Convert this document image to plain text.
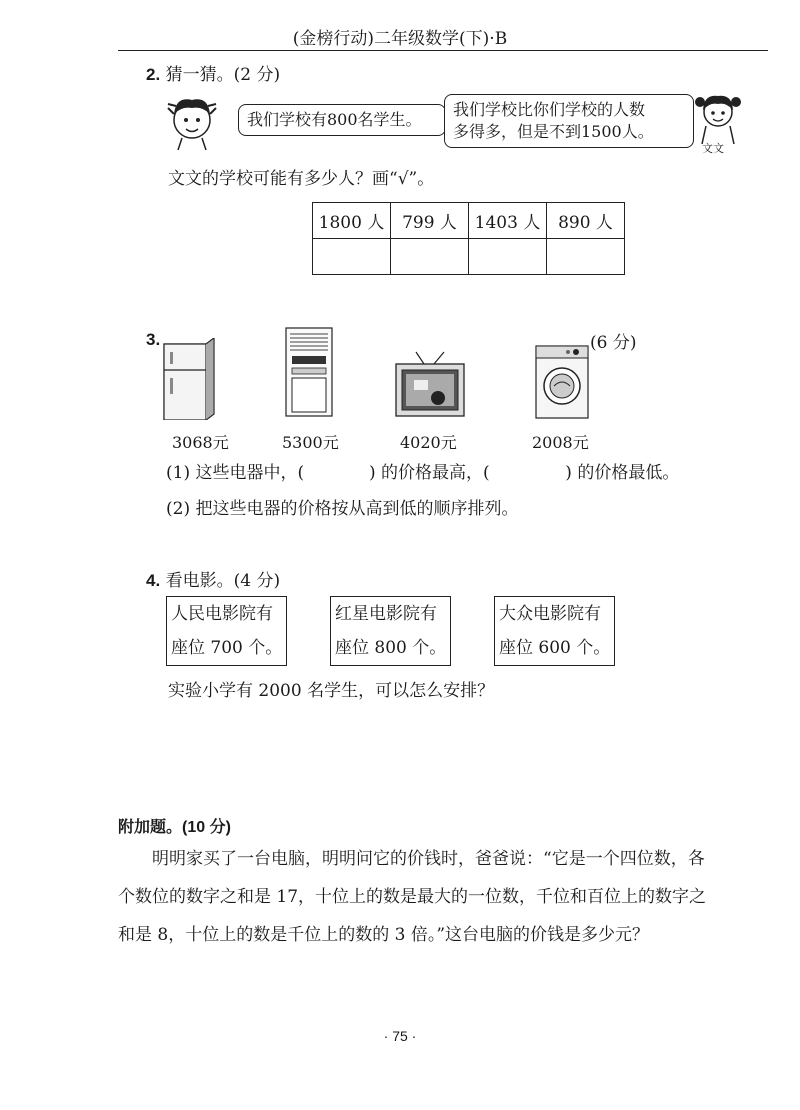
(金榜行动)二年级数学(下)·B
2. 猜一猜。(2 分)
我们学校有800名学生。
我们学校比你们学校的人数
多得多，但是不到1500人。
文文
文文的学校可能有多少人？画“√”。
1800 人	799 人	1403 人	890 人

3.	(6 分)
3068元	5300元	4020元	2008元
(1) 这些电器中，(            ) 的价格最高，(              ) 的价格最低。
(2) 把这些电器的价格按从高到低的顺序排列。
4. 看电影。(4 分)
人民电影院有
座位 700 个。
红星电影院有
座位 800 个。
大众电影院有
座位 600 个。
实验小学有 2000 名学生，可以怎么安排？
附加题。(10 分)
明明家买了一台电脑，明明问它的价钱时，爸爸说：“它是一个四位数，各
个数位的数字之和是 17，十位上的数是最大的一位数，千位和百位上的数字之
和是 8，十位上的数是千位上的数的 3 倍。”这台电脑的价钱是多少元？
· 75 ·
